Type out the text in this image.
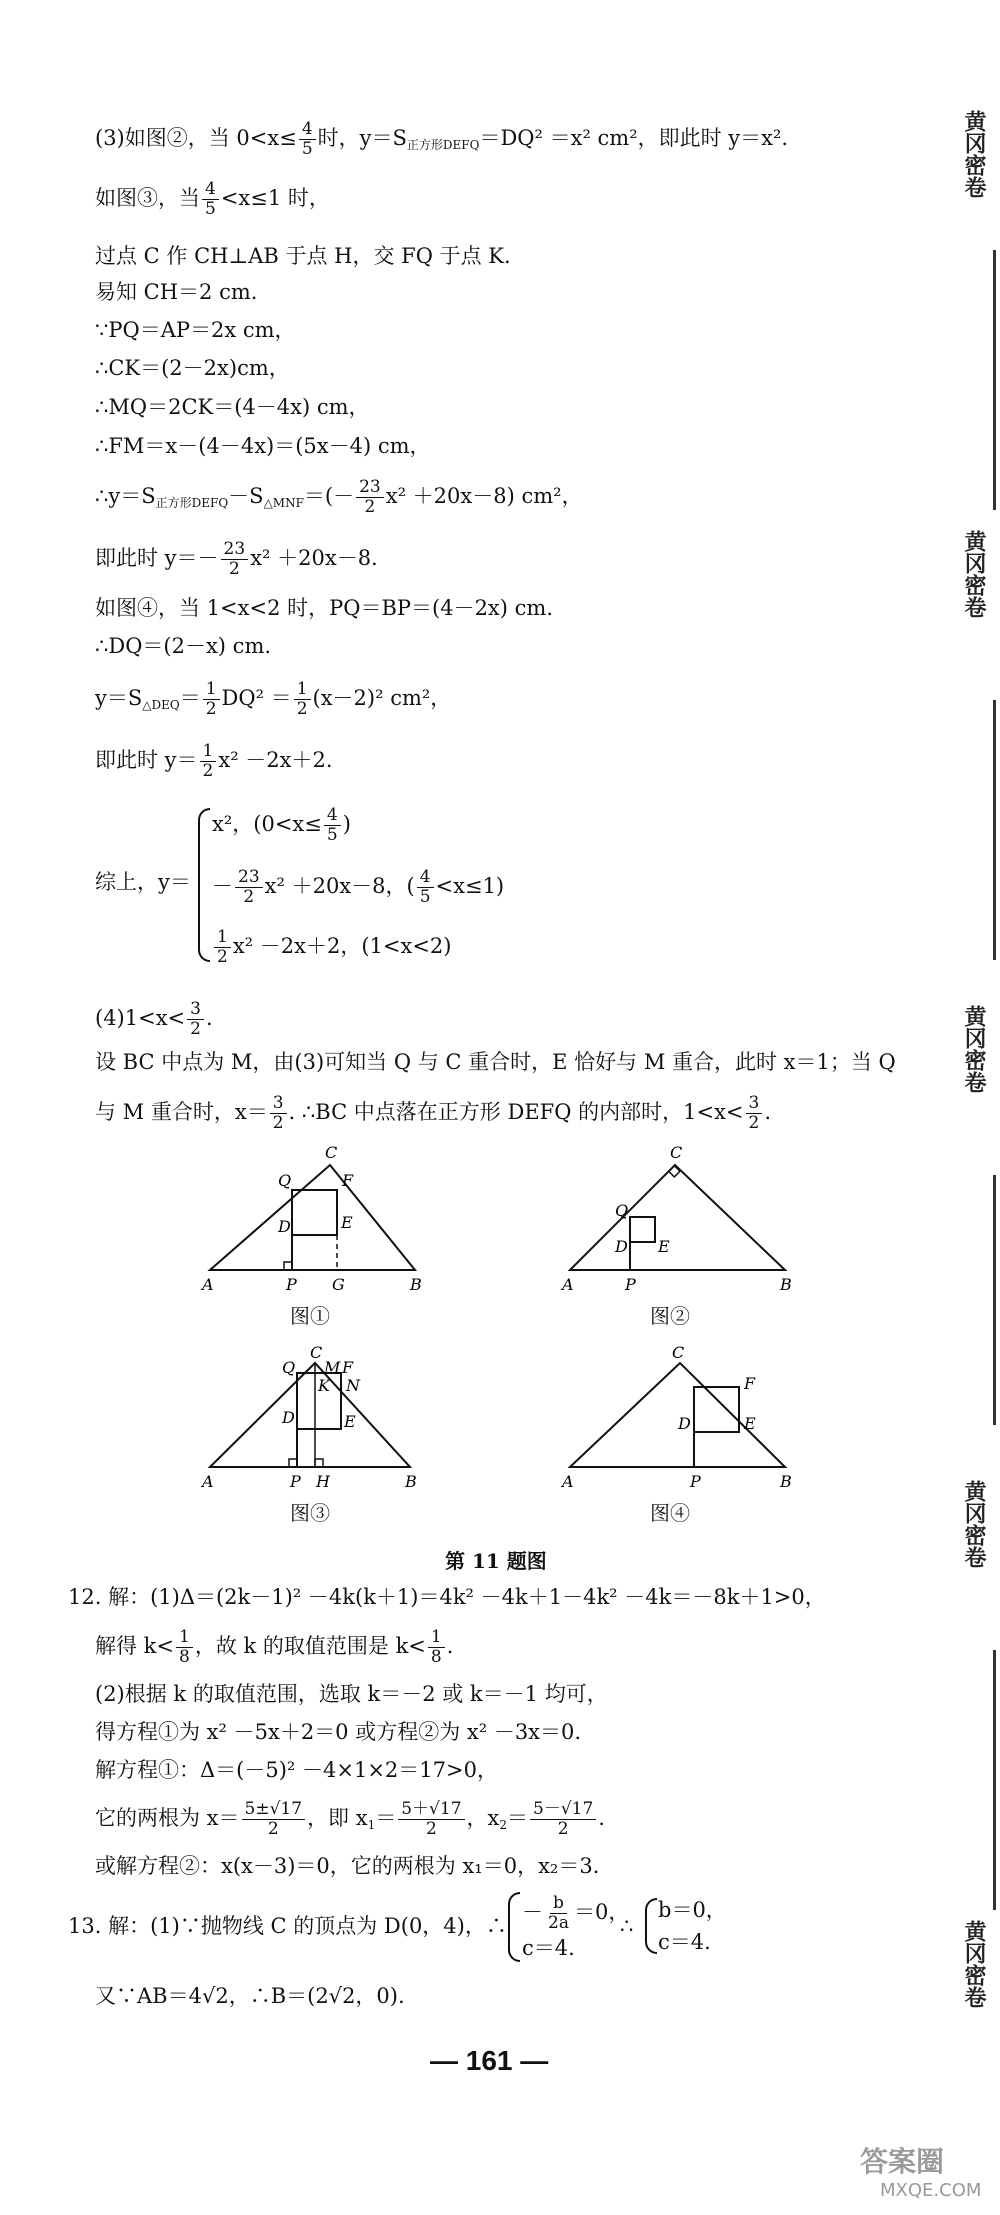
黄冈密卷
黄冈密卷
黄冈密卷
黄冈密卷
黄冈密卷
(3)如图②，当 $0<x\le \frac{4}{5}$ 时，$y=S_{正方形DEFQ}=DQ^2 =x^2$ cm²，即此时 y＝x².
如图③，当 $\frac{4}{5} <x\le 1$ 时，
过点 C 作 CH⊥AB 于点 H，交 FQ 于点 K.
易知 CH＝2 cm.
∵PQ＝AP＝2x cm，
∴CK＝(2－2x)cm，
∴MQ＝2CK＝(4－4x) cm，
∴FM＝x－(4－4x)＝(5x－4) cm，
$\therefore y=S_{正方形DEFQ}-S_{\triangle MNF}=(- \frac{23}{2} x^2 +20x-8)$ cm²，
即此时 $y=- \frac{23}{2} x^2 +20x-8$.
如图④，当 1<x<2 时，PQ＝BP＝(4－2x) cm.
∴DQ＝(2－x) cm.
$y=S_{\triangle DEQ}= \frac{1}{2} DQ^2 = \frac{1}{2} (x-2)^2$ cm²，
即此时 $y= \frac{1}{2} x^2 -2x+2$.
综上，y＝
x²，($0<x\le \frac{4}{5}$ )
－ $\frac{23}{2} x^2 +20x-8$，( $\frac{4}{5} <x\le 1$)
$\frac{1}{2} x^2 -2x+2$，(1<x<2)
$(4)1<x< \frac{3}{2}$ .
设 BC 中点为 M，由(3)可知当 Q 与 C 重合时，E 恰好与 M 重合，此时 x＝1；当 Q
与 M 重合时，$x= \frac{3}{2}$ . ∴BC 中点落在正方形 DEFQ 的内部时，$1<x< \frac{3}{2}$ .
A	B
C
Q	F
D	E
P G
图①
A	B
C
Q
D E
P
图②
A	B
C
Q M F
K N
D	E
P H
图③
A	B
C
F
D	E
P
图④
第 11 题图
12. 解：(1)Δ＝(2k－1)² －4k(k＋1)＝4k² －4k＋1－4k² －4k＝－8k＋1>0，
解得 $k< \frac{1}{8}$ ，故 k 的取值范围是 $k< \frac{1}{8}$ .
(2)根据 k 的取值范围，选取 k＝－2 或 k＝－1 均可，
得方程①为 x² －5x＋2＝0 或方程②为 x² －3x＝0.
解方程①：Δ＝(－5)² －4×1×2＝17>0，
它的两根为 $x= \frac{5\pm√17}{2}$ ，即 $x_1= \frac{5+√17}{2}$ ，$x_2= \frac{5-√17}{2}$ .
或解方程②：x(x－3)＝0，它的两根为 x₁＝0，x₂＝3.
13. 解：(1)∵抛物线 C 的顶点为 D(0，4)，∴
－ $\frac{b}{2a} =0$，
c＝4.
∴
b＝0，
c＝4.
又∵AB＝4√2，∴B＝(2√2，0).
— 161 —
答案圈
MXQE.COM
